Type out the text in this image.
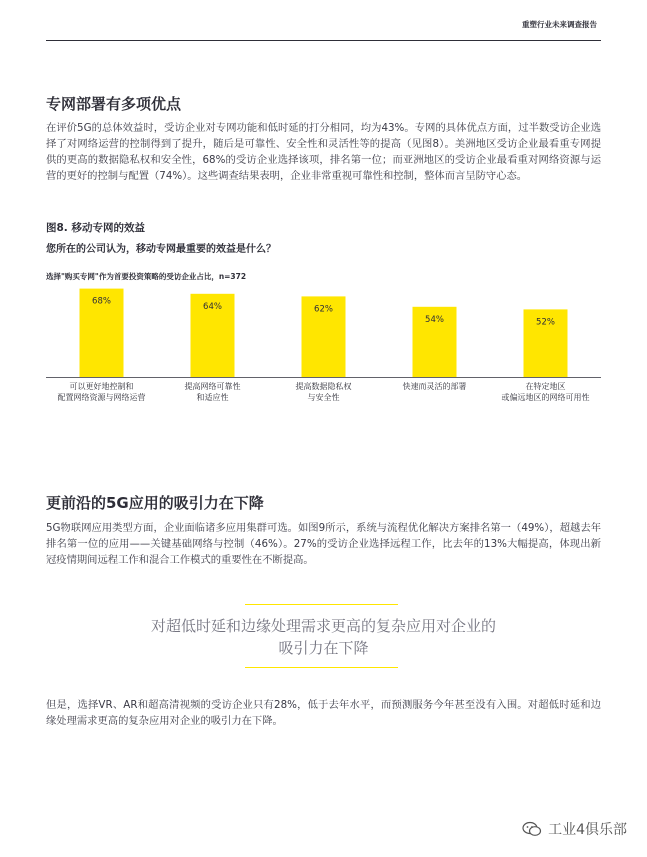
重塑行业未来调查报告
专网部署有多项优点
在评价5G的总体效益时，受访企业对专网功能和低时延的打分相同，均为43%。专网的具体优点方面，过半数受访企业选择了对网络运营的控制得到了提升，随后是可靠性、安全性和灵活性等的提高（见图8）。美洲地区受访企业最看重专网提供的更高的数据隐私权和安全性，68%的受访企业选择该项，排名第一位；而亚洲地区的受访企业最看重对网络资源与运营的更好的控制与配置（74%）。这些调查结果表明，企业非常重视可靠性和控制，整体而言呈防守心态。
图8. 移动专网的效益
您所在的公司认为，移动专网最重要的效益是什么？
选择"购买专网"作为首要投资策略的受访企业占比，n=372
68%
可以更好地控制和
配置网络资源与网络运营
64%
提高网络可靠性
和适应性
62%
提高数据隐私权
与安全性
54%
快速而灵活的部署
52%
在特定地区
或偏远地区的网络可用性
更前沿的5G应用的吸引力在下降
5G物联网应用类型方面，企业面临诸多应用集群可选。如图9所示，系统与流程优化解决方案排名第一（49%），超越去年排名第一位的应用——关键基础网络与控制（46%）。27%的受访企业选择远程工作，比去年的13%大幅提高，体现出新冠疫情期间远程工作和混合工作模式的重要性在不断提高。
对超低时延和边缘处理需求更高的复杂应用对企业的
吸引力在下降
但是，选择VR、AR和超高清视频的受访企业只有28%，低于去年水平，而预测服务今年甚至没有入围。对超低时延和边缘处理需求更高的复杂应用对企业的吸引力在下降。
工业4俱乐部
